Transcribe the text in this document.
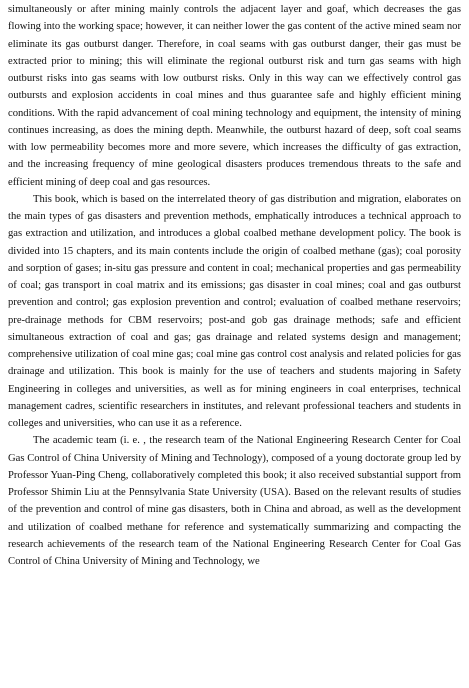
simultaneously or after mining mainly controls the adjacent layer and goaf, which decreases the gas flowing into the working space; however, it can neither lower the gas content of the active mined seam nor eliminate its gas outburst danger. Therefore, in coal seams with gas outburst danger, their gas must be extracted prior to mining; this will eliminate the regional outburst risk and turn gas seams with high outburst risks into gas seams with low outburst risks. Only in this way can we effectively control gas outbursts and explosion accidents in coal mines and thus guarantee safe and highly efficient mining conditions. With the rapid advancement of coal mining technology and equipment, the intensity of mining continues increasing, as does the mining depth. Meanwhile, the outburst hazard of deep, soft coal seams with low permeability becomes more and more severe, which increases the difficulty of gas extraction, and the increasing frequency of mine geological disasters produces tremendous threats to the safe and efficient mining of deep coal and gas resources.

This book, which is based on the interrelated theory of gas distribution and migration, elaborates on the main types of gas disasters and prevention methods, emphatically introduces a technical approach to gas extraction and utilization, and introduces a global coalbed methane development policy. The book is divided into 15 chapters, and its main contents include the origin of coalbed methane (gas); coal porosity and sorption of gases; in-situ gas pressure and content in coal; mechanical properties and gas permeability of coal; gas transport in coal matrix and its emissions; gas disaster in coal mines; coal and gas outburst prevention and control; gas explosion prevention and control; evaluation of coalbed methane reservoirs; pre-drainage methods for CBM reservoirs; post-and gob gas drainage methods; safe and efficient simultaneous extraction of coal and gas; gas drainage and related systems design and management; comprehensive utilization of coal mine gas; coal mine gas control cost analysis and related policies for gas drainage and utilization. This book is mainly for the use of teachers and students majoring in Safety Engineering in colleges and universities, as well as for mining engineers in coal enterprises, technical management cadres, scientific researchers in institutes, and relevant professional teachers and students in colleges and universities, who can use it as a reference.

The academic team (i. e. , the research team of the National Engineering Research Center for Coal Gas Control of China University of Mining and Technology), composed of a young doctorate group led by Professor Yuan-Ping Cheng, collaboratively completed this book; it also received substantial support from Professor Shimin Liu at the Pennsylvania State University (USA). Based on the relevant results of studies of the prevention and control of mine gas disasters, both in China and abroad, as well as the development and utilization of coalbed methane for reference and systematically summarizing and compacting the research achievements of the research team of the National Engineering Research Center for Coal Gas Control of China University of Mining and Technology, we
